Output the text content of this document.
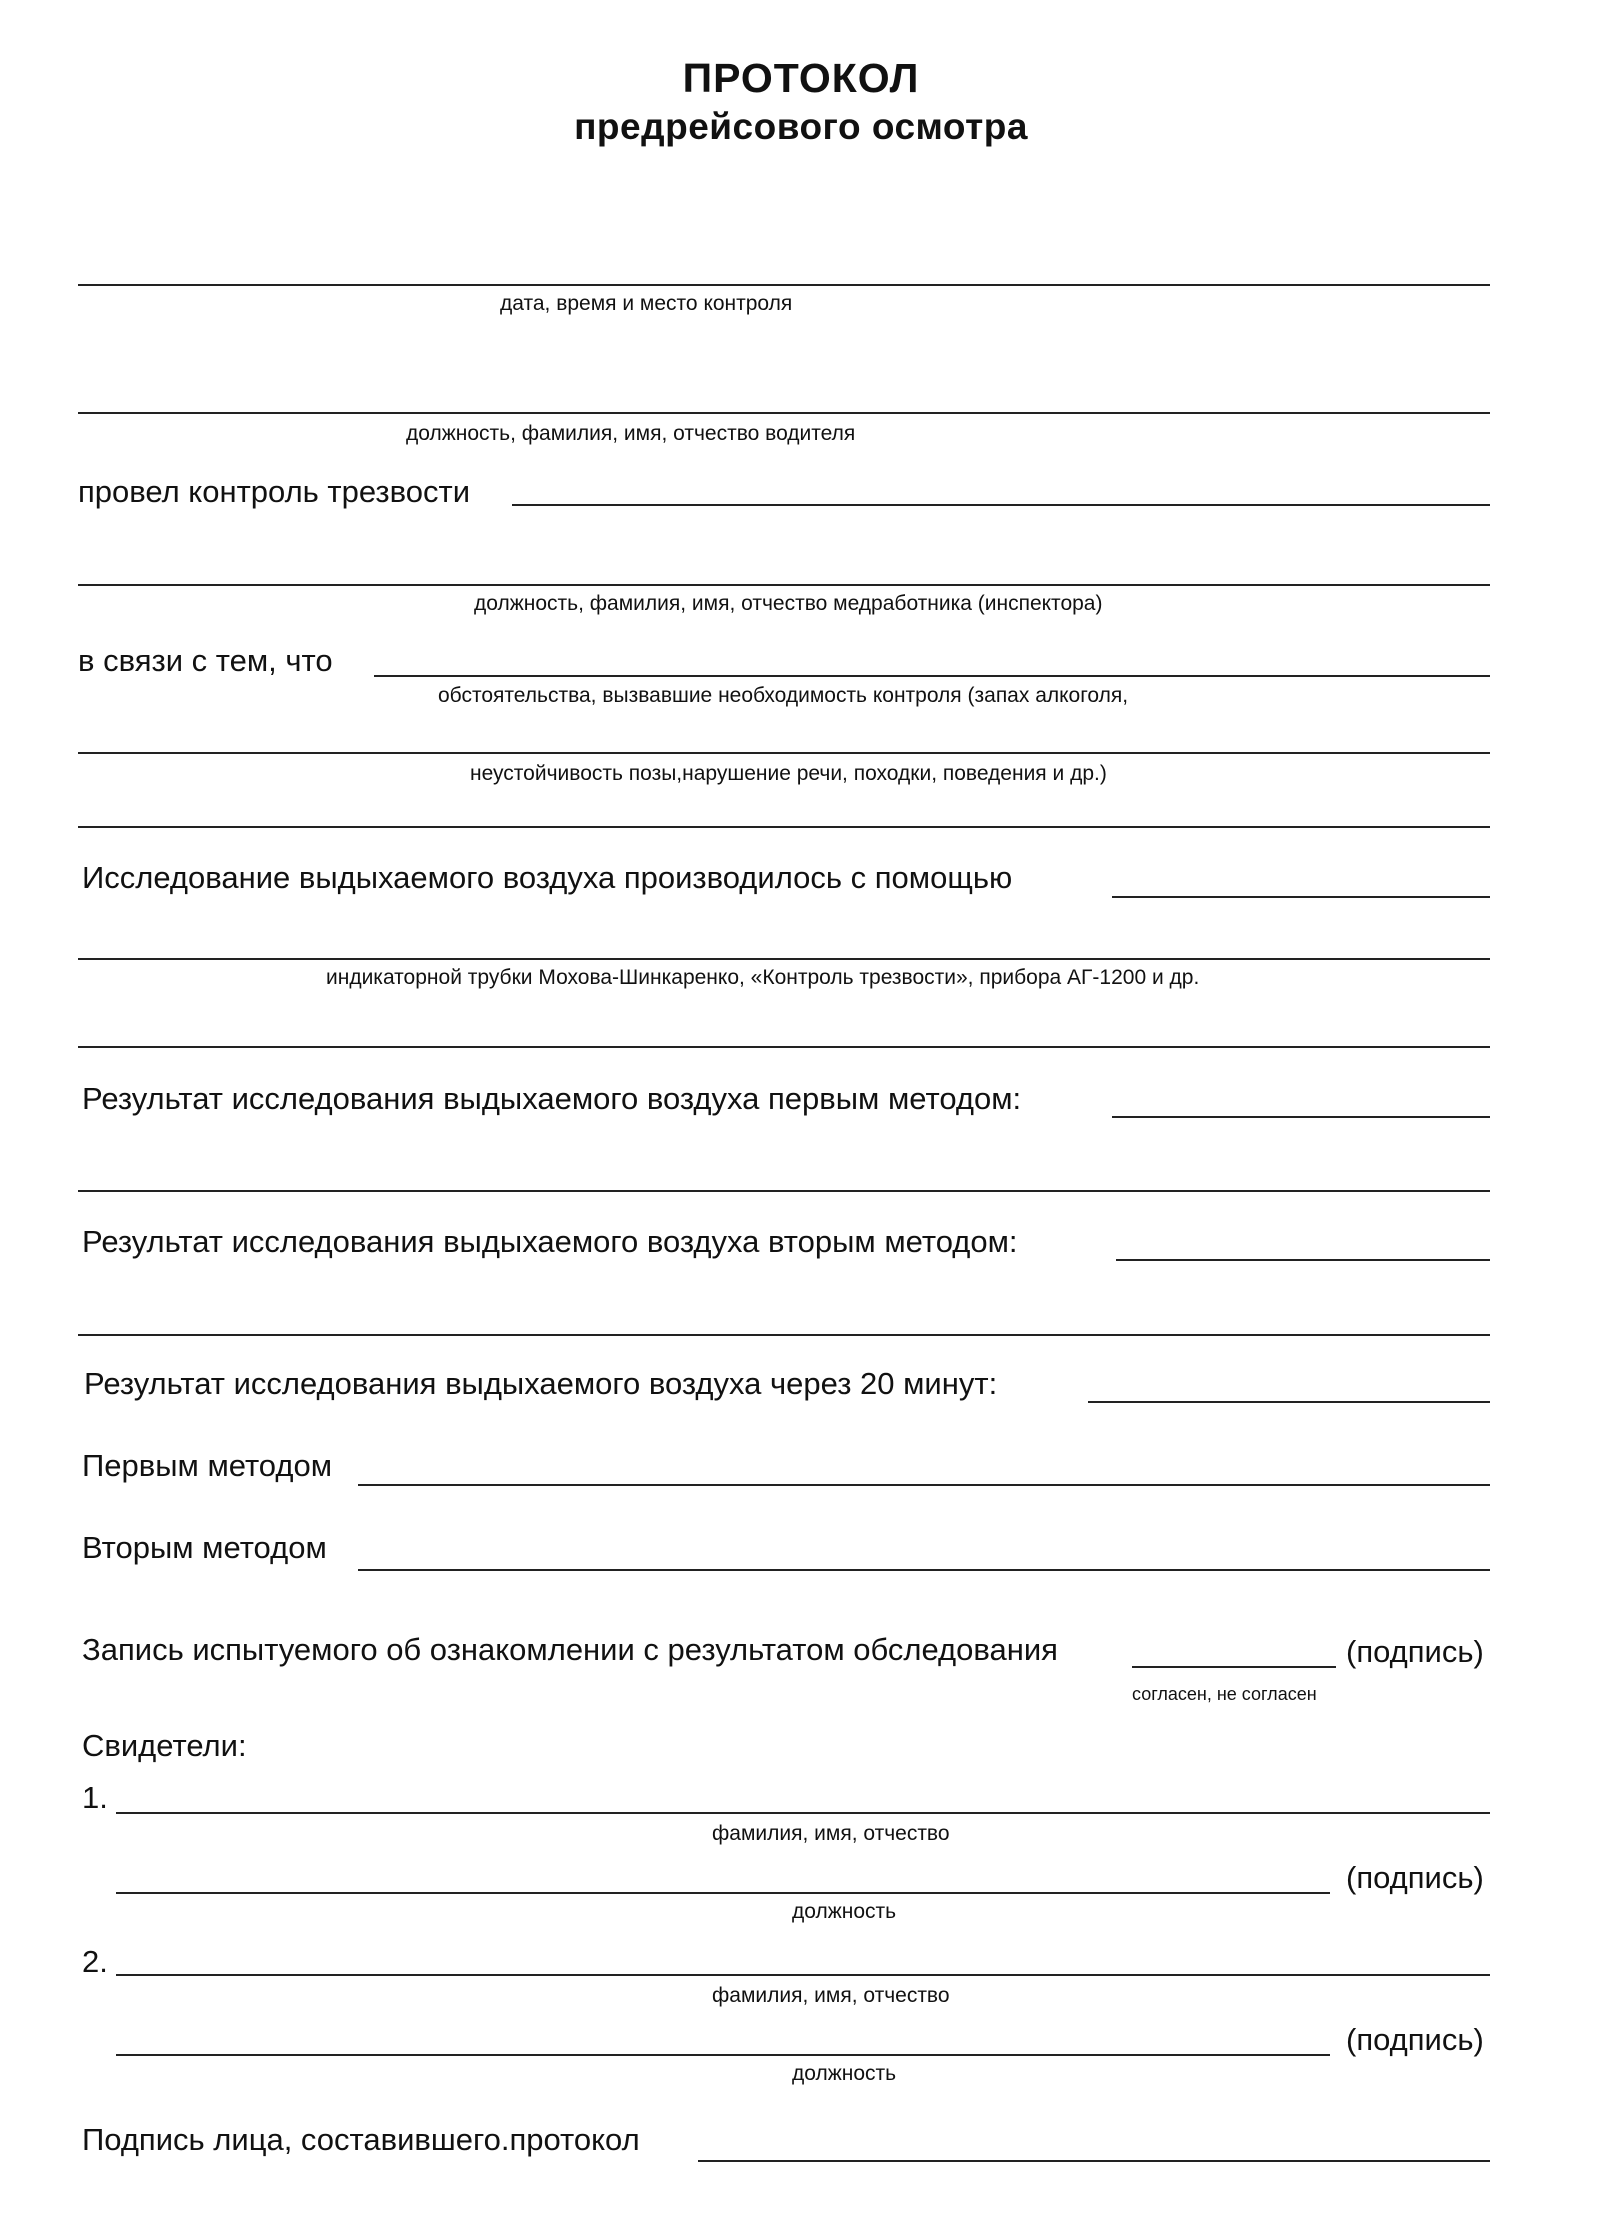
ПРОТОКОЛ
предрейсового осмотра
дата, время и место контроля
должность, фамилия, имя, отчество водителя
провел контроль трезвости
должность, фамилия, имя, отчество медработника (инспектора)
в связи с тем, что
обстоятельства, вызвавшие необходимость контроля (запах алкоголя,
неустойчивость позы,нарушение речи, походки, поведения и др.)
Исследование выдыхаемого воздуха производилось с помощью
индикаторной трубки Мохова-Шинкаренко, «Контроль трезвости», прибора АГ-1200 и др.
Результат исследования выдыхаемого воздуха первым методом:
Результат исследования выдыхаемого воздуха вторым методом:
Результат исследования выдыхаемого воздуха через 20 минут:
Первым методом
Вторым методом
Запись испытуемого об ознакомлении с результатом обследования	(подпись)
согласен, не согласен
Свидетели:
1.
фамилия, имя, отчество
(подпись)
должность
2.
фамилия, имя, отчество
(подпись)
должность
Подпись лица, составившего.протокол
